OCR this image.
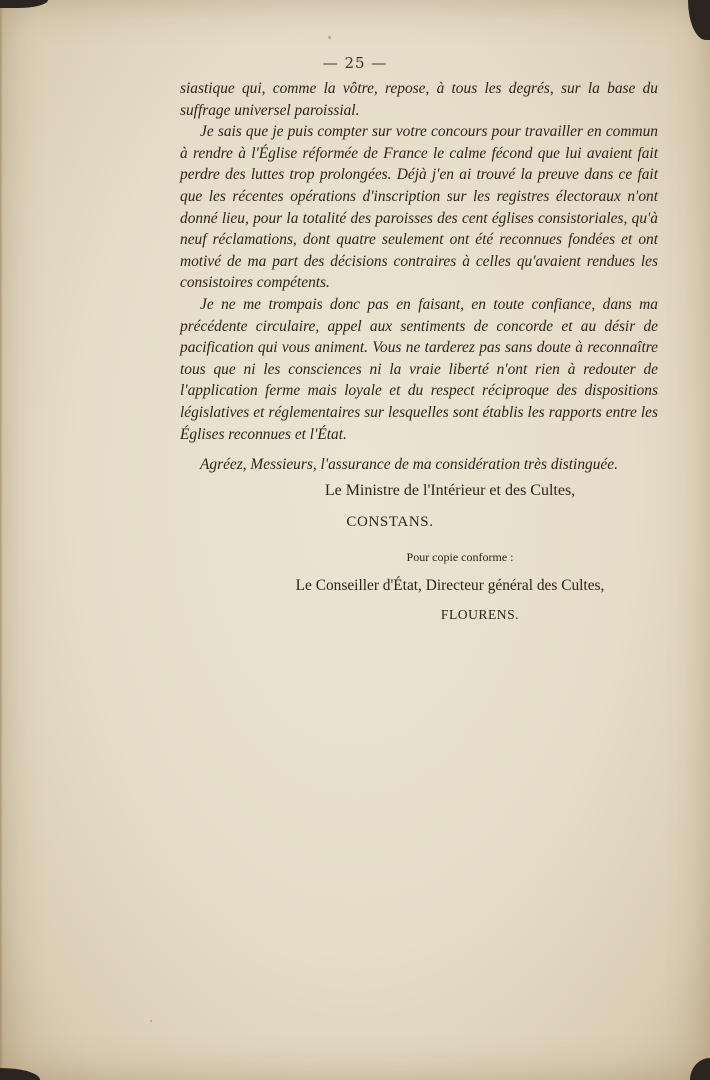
— 25 —

siastique qui, comme la vôtre, repose, à tous les degrés, sur la base du suffrage universel paroissial.

Je sais que je puis compter sur votre concours pour travailler en commun à rendre à l'Église réformée de France le calme fécond que lui avaient fait perdre des luttes trop prolongées. Déjà j'en ai trouvé la preuve dans ce fait que les récentes opérations d'inscription sur les registres électoraux n'ont donné lieu, pour la totalité des paroisses des cent églises consistoriales, qu'à neuf réclamations, dont quatre seulement ont été reconnues fondées et ont motivé de ma part des décisions contraires à celles qu'avaient rendues les consistoires compétents.

Je ne me trompais donc pas en faisant, en toute confiance, dans ma précédente circulaire, appel aux sentiments de concorde et au désir de pacification qui vous animent. Vous ne tarderez pas sans doute à reconnaître tous que ni les consciences ni la vraie liberté n'ont rien à redouter de l'application ferme mais loyale et du respect réciproque des dispositions législatives et réglementaires sur lesquelles sont établis les rapports entre les Églises reconnues et l'État.

Agréez, Messieurs, l'assurance de ma considération très distinguée.

Le Ministre de l'Intérieur et des Cultes,
CONSTANS.
Pour copie conforme :
Le Conseiller d'État, Directeur général des Cultes,
FLOURENS.
